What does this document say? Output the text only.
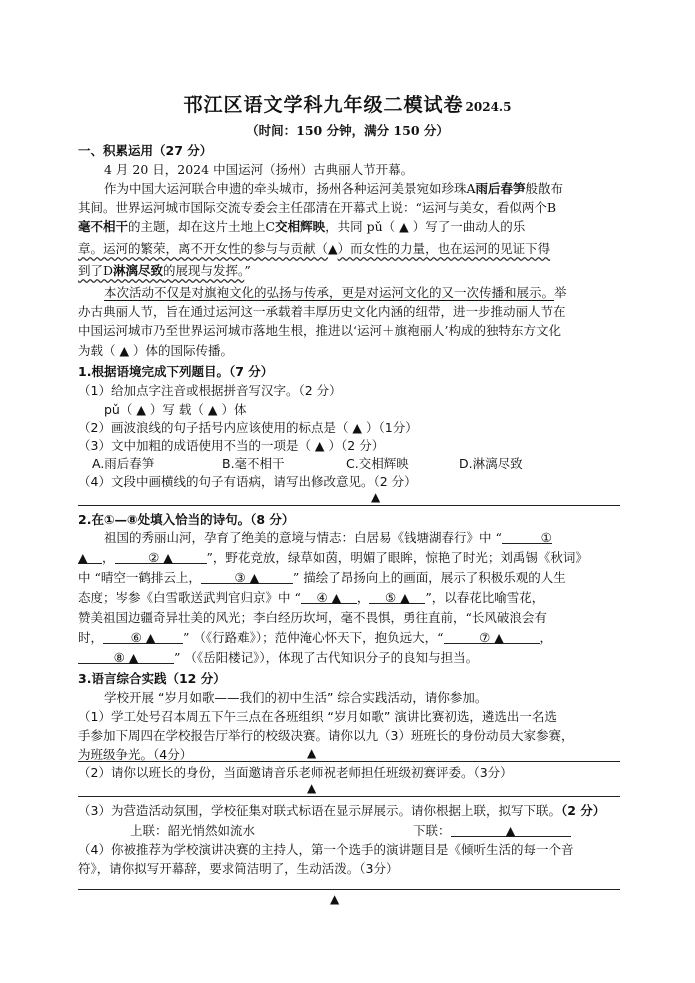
邗江区语文学科九年级二模试卷 2024.5
（时间：150 分钟，满分 150 分）
一、积累运用（27 分）
4 月 20 日，2024 中国运河（扬州）古典丽人节开幕。
作为中国大运河联合申遗的牵头城市，扬州各种运河美景宛如珍珠A雨后春笋般散布
其间。世界运河城市国际交流专委会主任邵清在开幕式上说：“运河与美女，看似两个B
毫不相干的主题，却在这片土地上C交相辉映，共同 pǔ（ ▲ ）写了一曲动人的乐
章。运河的繁荣，离不开女性的参与与贡献（▲）而女性的力量，也在运河的见证下得
到了D淋漓尽致的展现与发挥。”
本次活动不仅是对旗袍文化的弘扬与传承，更是对运河文化的又一次传播和展示。举
办古典丽人节，旨在通过运河这一承载着丰厚历史文化内涵的纽带，进一步推动丽人节在
中国运河城市乃至世界运河城市落地生根，推进以‘运河＋旗袍丽人’构成的独特东方文化
为载（ ▲ ）体的国际传播。
1.根据语境完成下列题目。（7 分）
（1）给加点字注音或根据拼音写汉字。（2 分）
pǔ（ ▲ ）写 载（ ▲ ）体
（2）画波浪线的句子括号内应该使用的标点是（ ▲ ）（1分）
（3）文中加粗的成语使用不当的一项是（ ▲ ）（2 分）
A.雨后春笋	B.毫不相干	C.交相辉映	D.淋漓尽致
（4）文段中画横线的句子有语病，请写出修改意见。（2 分）
▲
2.在①—⑧处填入恰当的诗句。（8 分）
祖国的秀丽山河，孕育了绝美的意境与情志：白居易《钱塘湖春行》中 “	①
▲ ，	② ▲	”，野花竞放，绿草如茵，明媚了眼眸，惊艳了时光；刘禹锡《秋词》
中 “晴空一鹤排云上，	③ ▲	” 描绘了昂扬向上的画面，展示了积极乐观的人生
态度；岑参《白雪歌送武判官归京》中 “ ④ ▲ ， ⑤ ▲ ”，以春花比喻雪花，
赞美祖国边疆奇异壮美的风光；李白经历坎坷，毫不畏惧，勇往直前，“长风破浪会有
时， ⑥ ▲ ” （《行路难》）；范仲淹心怀天下，抱负远大，“	⑦ ▲	，
⑧ ▲	” （《岳阳楼记》），体现了古代知识分子的良知与担当。
3.语言综合实践（12 分）
学校开展 “岁月如歌——我们的初中生活” 综合实践活动，请你参加。
（1）学工处号召本周五下午三点在各班组织 “岁月如歌” 演讲比赛初选，遴选出一名选
手参加下周四在学校报告厅举行的校级决赛。请你以九（3）班班长的身份动员大家参赛，
为班级争光。（4分）	▲
（2）请你以班长的身份，当面邀请音乐老师祝老师担任班级初赛评委。（3分）
▲
（3）为营造活动氛围，学校征集对联式标语在显示屏展示。请你根据上联，拟写下联。（2 分）
上联：韶光悄然如流水	下联：	▲
（4）你被推荐为学校演讲决赛的主持人，第一个选手的演讲题目是《倾听生活的每一个音
符》，请你拟写开幕辞，要求简洁明了，生动活泼。（3分）
▲
